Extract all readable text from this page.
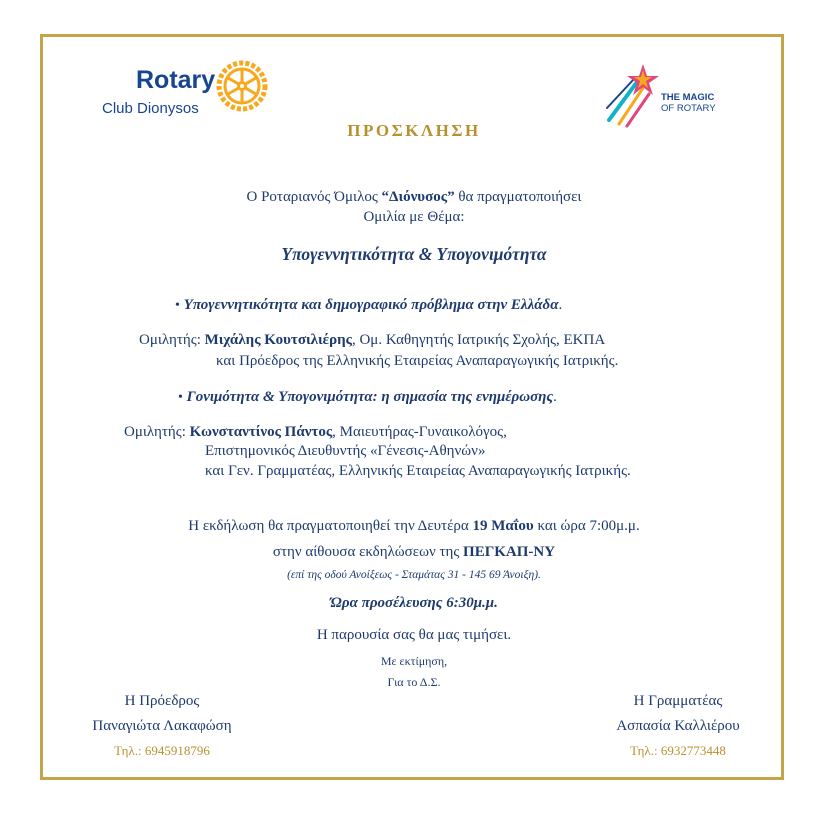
Rotary
Club Dionysos
THE MAGIC
OF ROTARY
ΠΡΟΣΚΛΗΣΗ
Ο Ροταριανός Όμιλος “Διόνυσος” θα πραγματοποιήσει
Ομιλία με Θέμα:
Υπογεννητικότητα & Υπογονιμότητα
• Υπογεννητικότητα και δημογραφικό πρόβλημα στην Ελλάδα.
Ομιλητής: Μιχάλης Κουτσιλιέρης, Ομ. Καθηγητής Ιατρικής Σχολής, ΕΚΠΑ
και Πρόεδρος της Ελληνικής Εταιρείας Αναπαραγωγικής Ιατρικής.
• Γονιμότητα & Υπογονιμότητα: η σημασία της ενημέρωσης.
Ομιλητής: Κωνσταντίνος Πάντος, Μαιευτήρας-Γυναικολόγος,
Επιστημονικός Διευθυντής «Γένεσις-Αθηνών»
και Γεν. Γραμματέας, Ελληνικής Εταιρείας Αναπαραγωγικής Ιατρικής.
Η εκδήλωση θα πραγματοποιηθεί την Δευτέρα 19 Μαΐου και ώρα 7:00μ.μ.
στην αίθουσα εκδηλώσεων της ΠΕΓΚΑΠ-ΝΥ
(επί της οδού Ανοίξεως - Σταμάτας 31 - 145 69 Άνοιξη).
Ώρα προσέλευσης 6:30μ.μ.
Η παρουσία σας θα μας τιμήσει.
Με εκτίμηση,
Για το Δ.Σ.
Η Πρόεδρος
Παναγιώτα Λακαφώση
Τηλ.: 6945918796
Η Γραμματέας
Ασπασία Καλλιέρου
Τηλ.: 6932773448
